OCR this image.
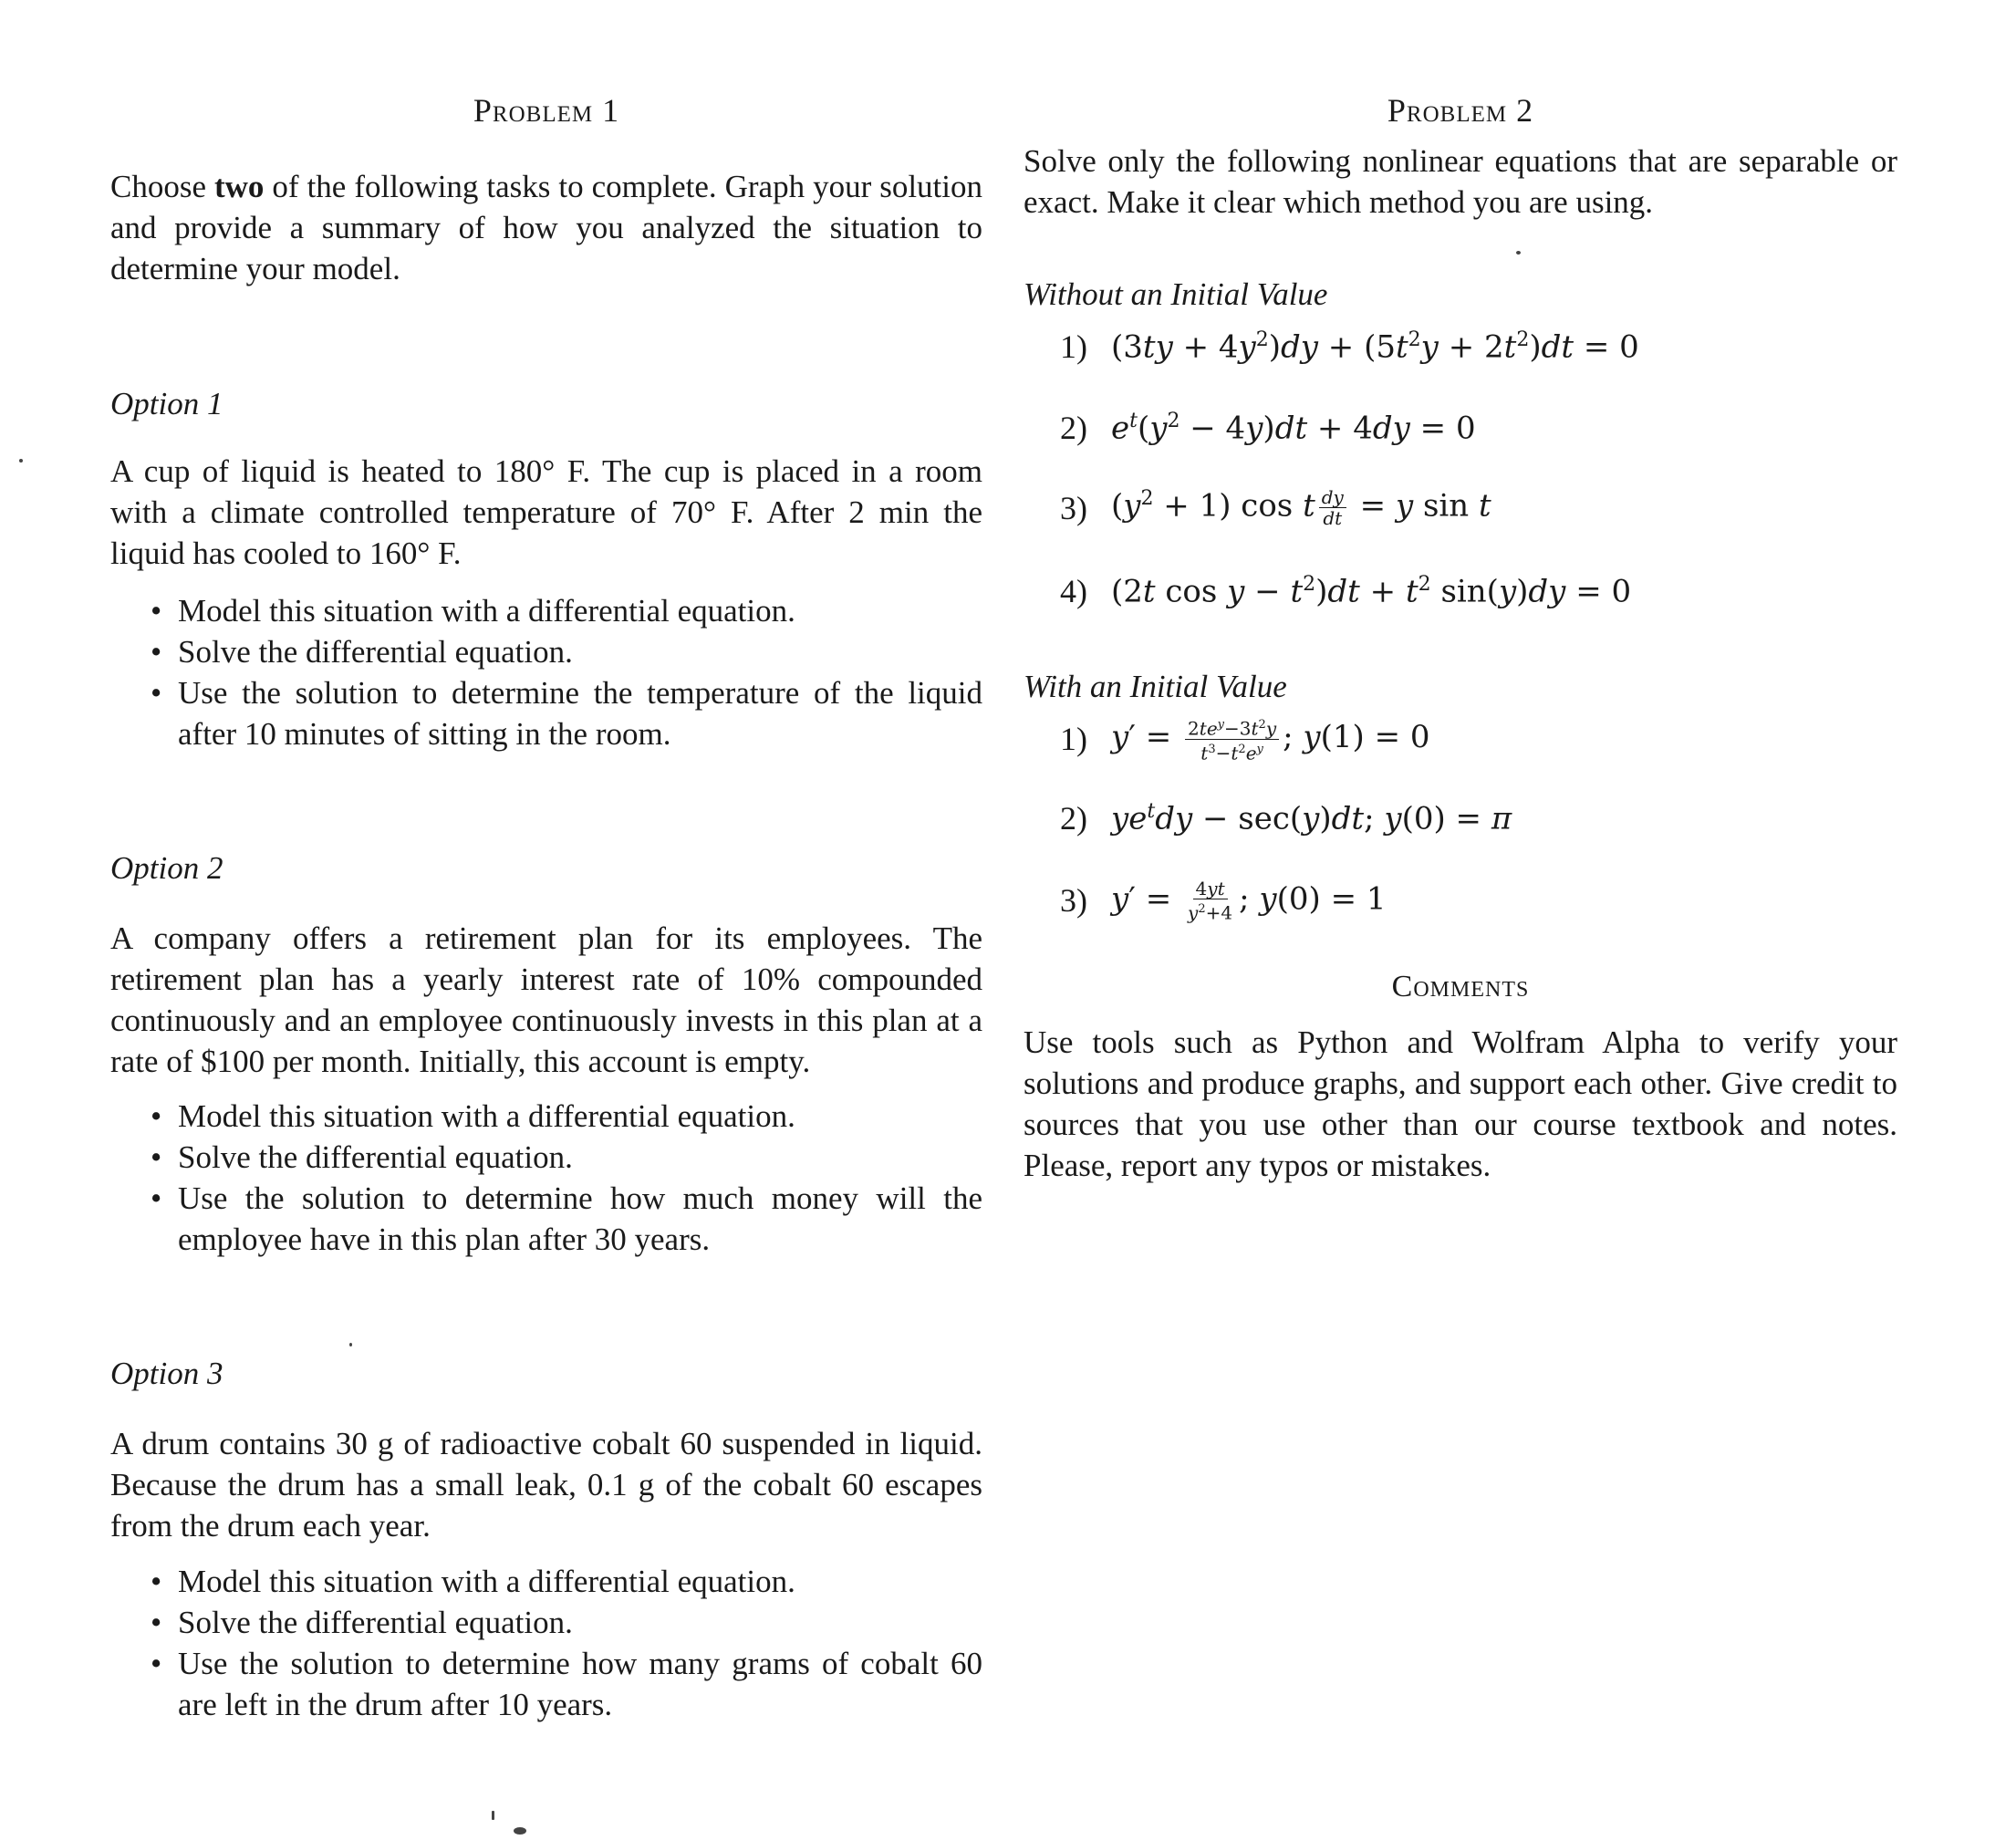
Problem 1

Choose two of the following tasks to complete. Graph your solution and provide a summary of how you analyzed the situation to determine your model.

Option 1

A cup of liquid is heated to 180° F. The cup is placed in a room with a climate controlled temperature of 70° F. After 2 min the liquid has cooled to 160° F.

• Model this situation with a differential equation.
• Solve the differential equation.
• Use the solution to determine the temperature of the liquid after 10 minutes of sitting in the room.
Option 2

A company offers a retirement plan for its employees. The retirement plan has a yearly interest rate of 10% compounded continuously and an employee continuously invests in this plan at a rate of $100 per month. Initially, this account is empty.

• Model this situation with a differential equation.
• Solve the differential equation.
• Use the solution to determine how much money will the employee have in this plan after 30 years.
Option 3

A drum contains 30 g of radioactive cobalt 60 suspended in liquid. Because the drum has a small leak, 0.1 g of the cobalt 60 escapes from the drum each year.

• Model this situation with a differential equation.
• Solve the differential equation.
• Use the solution to determine how many grams of cobalt 60 are left in the drum after 10 years.
Problem 2

Solve only the following nonlinear equations that are separable or exact. Make it clear which method you are using.

Without an Initial Value
1) $(3ty + 4y^2)dy + (5t^2y + 2t^2)dt = 0$
2) $e^t(y^2 - 4y)dt + 4dy = 0$
3) $(y^2 + 1)$ cos t $\frac{dy}{dt} = y$ sin t
4) (2t $\cos y - t^2)dt + t^2$ sin(y)dy = 0
With an Initial Value
1) $y' = \frac{2te^y-3t^2y}{t^3-t^2e^y}$ ; y(1) = 0
2) $ye^tdy - \sec(y)dt$; y(0) = π
3) $y' = \frac{4yt}{y^2+4}$ ; y(0) = 1
Comments

Use tools such as Python and Wolfram Alpha to verify your solutions and produce graphs, and support each other. Give credit to sources that you use other than our course textbook and notes. Please, report any typos or mistakes.
